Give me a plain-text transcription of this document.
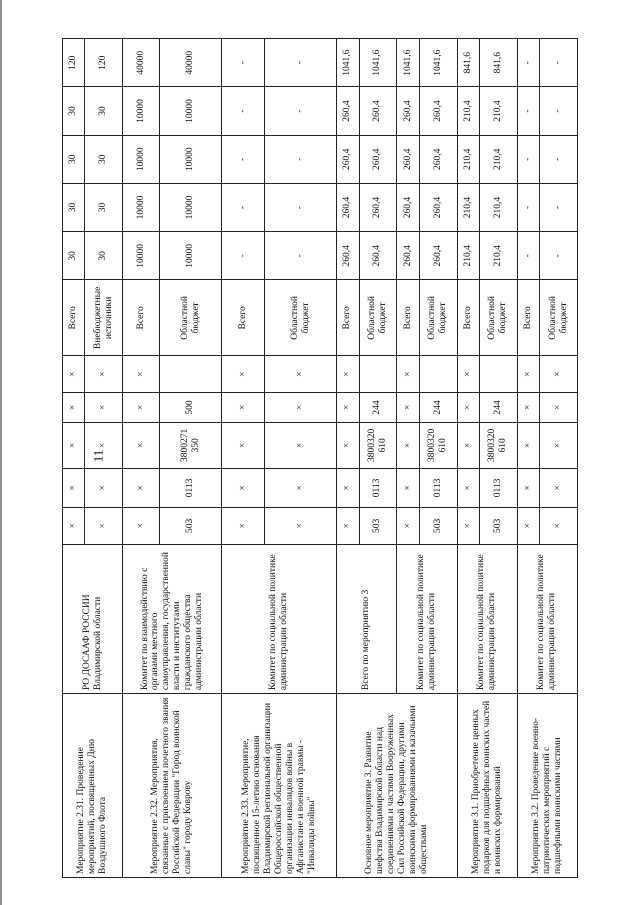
11
Мероприятие 2.31. Проведение мероприятий, посвященных Дню Воздушного Флота	РО ДОСААФ РОССИИ Владимирской области	×	×	×	×	×	Всего	30	30	30	30	120
		×	×	×	×	×	Внебюджетные источники	30	30	30	30	120
Мероприятие 2.32. Мероприятия, связанные с присвоением почетного звания Российской Федерации "Город воинской славы" городу Коврову	Комитет по взаимодействию с органами местного самоуправления, государственной власти и институтами гражданского общества администрации области	×	×	×	×	×	Всего	10000	10000	10000	10000	40000
		503	0113	3800271 350	500		Областной бюджет	10000	10000	10000	10000	40000
Мероприятие 2.33. Мероприятие, посвященное 15-летию основания Владимирской региональной организации Общероссийской общественной организации инвалидов войны в Афганистане и военной травмы - "Инвалиды войны"	Комитет по социальной политике администрации области	×	×	×	×	×	Всего	-	-	-	-	-
		×	×	×	×	×	Областной бюджет	-	-	-	-	-
Основное мероприятие 3. Развитие шефства Владимирской области над соединениями и частями Вооруженных Сил Российской Федерации, другими воинскими формированиями и казачьими обществами	Всего по мероприятию 3	×	×	×	×	×	Всего	260,4	260,4	260,4	260,4	1041,6
		503	0113	3800320 610	244		Областной бюджет	260,4	260,4	260,4	260,4	1041,6
	Комитет по социальной политике администрации области	×	×	×	×	×	Всего	260,4	260,4	260,4	260,4	1041,6
		503	0113	3800320 610	244		Областной бюджет	260,4	260,4	260,4	260,4	1041,6
Мероприятие 3.1. Приобретение ценных подарков для подшефных воинских частей и воинских формирований	Комитет по социальной политике администрации области	×	×	×	×	×	Всего	210,4	210,4	210,4	210,4	841,6
		503	0113	3800320 610	244		Областной бюджет	210,4	210,4	210,4	210,4	841,6
Мероприятие 3.2. Проведение военно-патриотических мероприятий с подшефными воинскими частями	Комитет по социальной политике администрации области	×	×	×	×	×	Всего	-	-	-	-	-
		×	×	×	×	×	Областной бюджет	-	-	-	-	-
